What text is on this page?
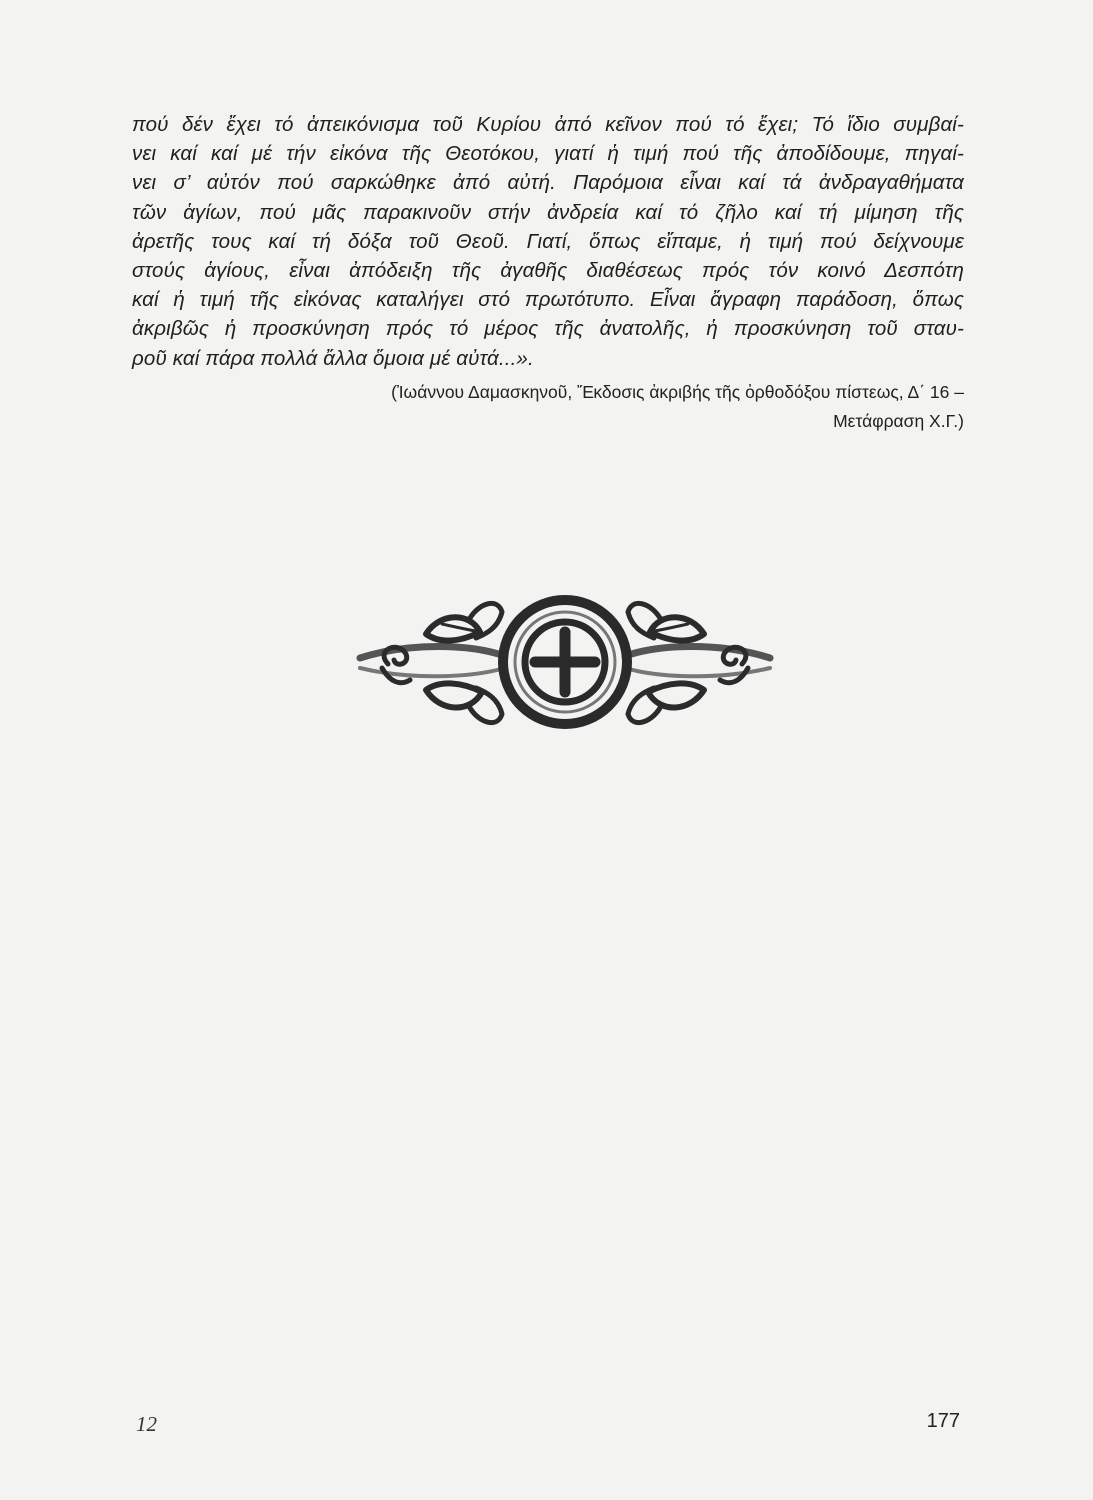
πού δέν ἔχει τό ἀπεικόνισμα τοῦ Κυρίου ἀπό κεῖνον πού τό ἔχει; Τό ἴδιο συμβαί-
νει καί καί μέ τήν εἰκόνα τῆς Θεοτόκου, γιατί ἡ τιμή πού τῆς ἀποδίδουμε, πηγαί-
νει σ’ αὐτόν πού σαρκώθηκε ἀπό αὐτή. Παρόμοια εἶναι καί τά ἀνδραγαθήματα
τῶν ἁγίων, πού μᾶς παρακινοῦν στήν ἀνδρεία καί τό ζῆλο καί τή μίμηση τῆς
ἀρετῆς τους καί τή δόξα τοῦ Θεοῦ. Γιατί, ὅπως εἴπαμε, ἡ τιμή πού δείχνουμε
στούς ἁγίους, εἶναι ἀπόδειξη τῆς ἀγαθῆς διαθέσεως πρός τόν κοινό Δεσπότη
καί ἡ τιμή τῆς εἰκόνας καταλήγει στό πρωτότυπο. Εἶναι ἄγραφη παράδοση, ὅπως
ἀκριβῶς ἡ προσκύνηση πρός τό μέρος τῆς ἀνατολῆς, ἡ προσκύνηση τοῦ σταυ-
ροῦ καί πάρα πολλά ἄλλα ὅμοια μέ αὐτά...».
(Ἰωάννου Δαμασκηνοῦ, Ἔκδοσις ἀκριβής τῆς ὀρθοδόξου πίστεως, Δ΄ 16 –
Μετάφραση Χ.Γ.)
12	177
